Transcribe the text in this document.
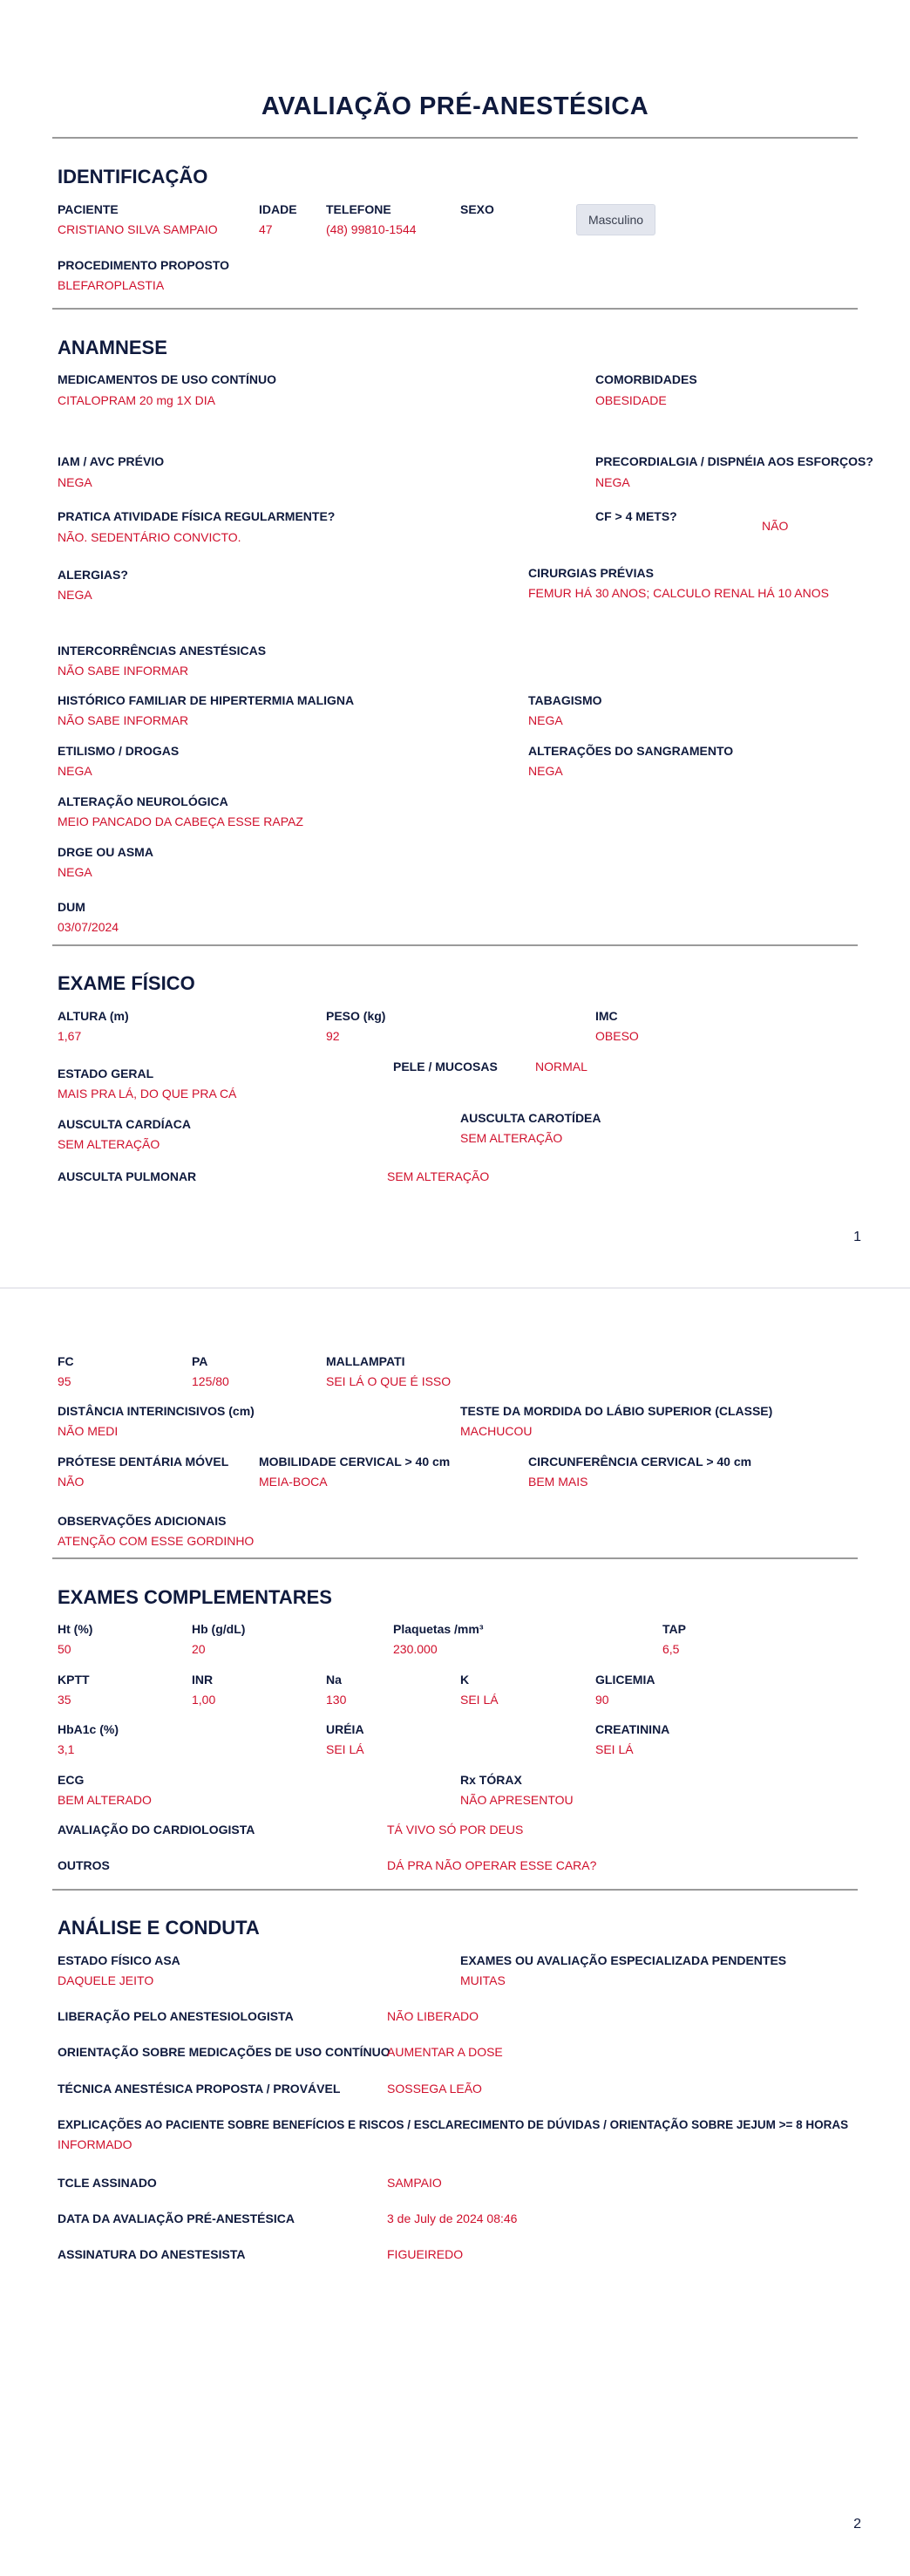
AVALIAÇÃO PRÉ-ANESTÉSICA
IDENTIFICAÇÃO
PACIENTE
CRISTIANO SILVA SAMPAIO
IDADE
47
TELEFONE
(48) 99810-1544
SEXO
Masculino
PROCEDIMENTO PROPOSTO
BLEFAROPLASTIA
ANAMNESE
MEDICAMENTOS DE USO CONTÍNUO
CITALOPRAM 20 mg 1X DIA
COMORBIDADES
OBESIDADE
IAM / AVC PRÉVIO
NEGA
PRECORDIALGIA / DISPNÉIA AOS ESFORÇOS?
NEGA
PRATICA ATIVIDADE FÍSICA REGULARMENTE?
NÃO. SEDENTÁRIO CONVICTO.
CF > 4 METS?
NÃO
ALERGIAS?
NEGA
CIRURGIAS PRÉVIAS
FEMUR HÁ 30 ANOS; CALCULO RENAL HÁ 10 ANOS
INTERCORRÊNCIAS ANESTÉSICAS
NÃO SABE INFORMAR
HISTÓRICO FAMILIAR DE HIPERTERMIA MALIGNA
NÃO SABE INFORMAR
TABAGISMO
NEGA
ETILISMO / DROGAS
NEGA
ALTERAÇÕES DO SANGRAMENTO
NEGA
ALTERAÇÃO NEUROLÓGICA
MEIO PANCADO DA CABEÇA ESSE RAPAZ
DRGE OU ASMA
NEGA
DUM
03/07/2024
EXAME FÍSICO
ALTURA (m)
1,67
PESO (kg)
92
IMC
OBESO
ESTADO GERAL
MAIS PRA LÁ, DO QUE PRA CÁ
PELE / MUCOSAS	NORMAL
AUSCULTA CARDÍACA
SEM ALTERAÇÃO
AUSCULTA CAROTÍDEA
SEM ALTERAÇÃO
AUSCULTA PULMONAR	SEM ALTERAÇÃO
1
FC
95
PA
125/80
MALLAMPATI
SEI LÁ O QUE É ISSO
DISTÂNCIA INTERINCISIVOS (cm)
NÃO MEDI
TESTE DA MORDIDA DO LÁBIO SUPERIOR (CLASSE)
MACHUCOU
PRÓTESE DENTÁRIA MÓVEL
NÃO
MOBILIDADE CERVICAL > 40 cm
MEIA-BOCA
CIRCUNFERÊNCIA CERVICAL > 40 cm
BEM MAIS
OBSERVAÇÕES ADICIONAIS
ATENÇÃO COM ESSE GORDINHO
EXAMES COMPLEMENTARES
Ht (%)
50
Hb (g/dL)
20
Plaquetas /mm³
230.000
TAP
6,5
KPTT
35
INR
1,00
Na
130
K
SEI LÁ
GLICEMIA
90
HbA1c (%)
3,1
URÉIA
SEI LÁ
CREATININA
SEI LÁ
ECG
BEM ALTERADO
Rx TÓRAX
NÃO APRESENTOU
AVALIAÇÃO DO CARDIOLOGISTA	TÁ VIVO SÓ POR DEUS
OUTROS	DÁ PRA NÃO OPERAR ESSE CARA?
ANÁLISE E CONDUTA
ESTADO FÍSICO ASA
DAQUELE JEITO
EXAMES OU AVALIAÇÃO ESPECIALIZADA PENDENTES
MUITAS
LIBERAÇÃO PELO ANESTESIOLOGISTA	NÃO LIBERADO
ORIENTAÇÃO SOBRE MEDICAÇÕES DE USO CONTÍNUO
AUMENTAR A DOSE
TÉCNICA ANESTÉSICA PROPOSTA / PROVÁVEL	SOSSEGA LEÃO
EXPLICAÇÕES AO PACIENTE SOBRE BENEFÍCIOS E RISCOS / ESCLARECIMENTO DE DÚVIDAS / ORIENTAÇÃO SOBRE JEJUM >= 8 HORAS
INFORMADO
TCLE ASSINADO	SAMPAIO
DATA DA AVALIAÇÃO PRÉ-ANESTÉSICA	3 de July de 2024 08:46
ASSINATURA DO ANESTESISTA	FIGUEIREDO
2
